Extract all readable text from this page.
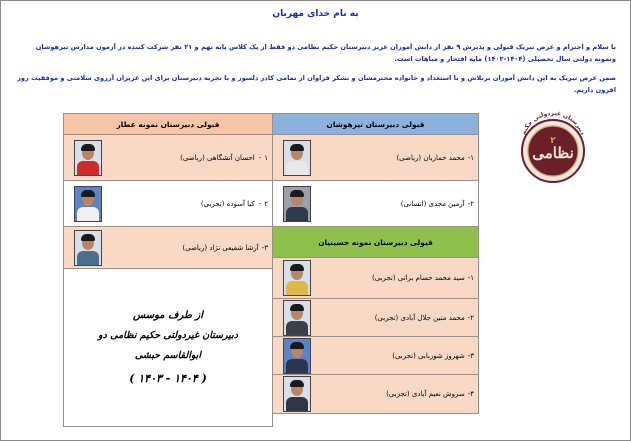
به نام خدای مهربان
با سلام و احترام و عرض تبریک قبولی و پذیرش ۹ نفر از دانش آموزان عزیز دبیرستان حکیم نظامی دو فقط از یک کلاس پایه نهم و ۲۱ نفر شرکت کننده در آزمون مدارس تیزهوشان ونمونه دولتی سال تحصیلی (۱۴۰۴-۱۴۰۳) مایه افتخار و مباهات است.
ضمن عرض تبریک به این دانش آموزان برتلاش و با استعداد و خانواده محترمشان و تشکر فراوان از تمامی کادر دلسوز و با تجربه دبیرستان برای این عزیزان آرزوی سلامتی و موفقیت روز افزون داریم.
قبولی دبیرستان تیزهوشان

۱-
محمد خماریان (ریاضی)

۲-
آرمین مجدی (انسانی)

قبولی دبیرستان نمونه حسینیان

۱-
سید محمد حسام براتی (تجربی)

۲-
محمد متین جلال آبادی (تجربی)

۳-
شهروز شوربابی (تجربی)

۴-
سروش نعیم آبادی (تجربی)
قبولی دبیرستان نمونه عطار

۱
-
احسان آتشگاهی (ریاضی)

۲
-
کیا آسوده (تجربی)

۳-
آرشا شفیعی نژاد (ریاضی)

از طرف موسس
دبیرستان غیردولتی حکیم نظامی دو
ابوالقاسم حبشی
( ۱۴۰۴ - ۱۴۰۳ )
دبیرستان غیردولتی حکیم
نظامی
۲
